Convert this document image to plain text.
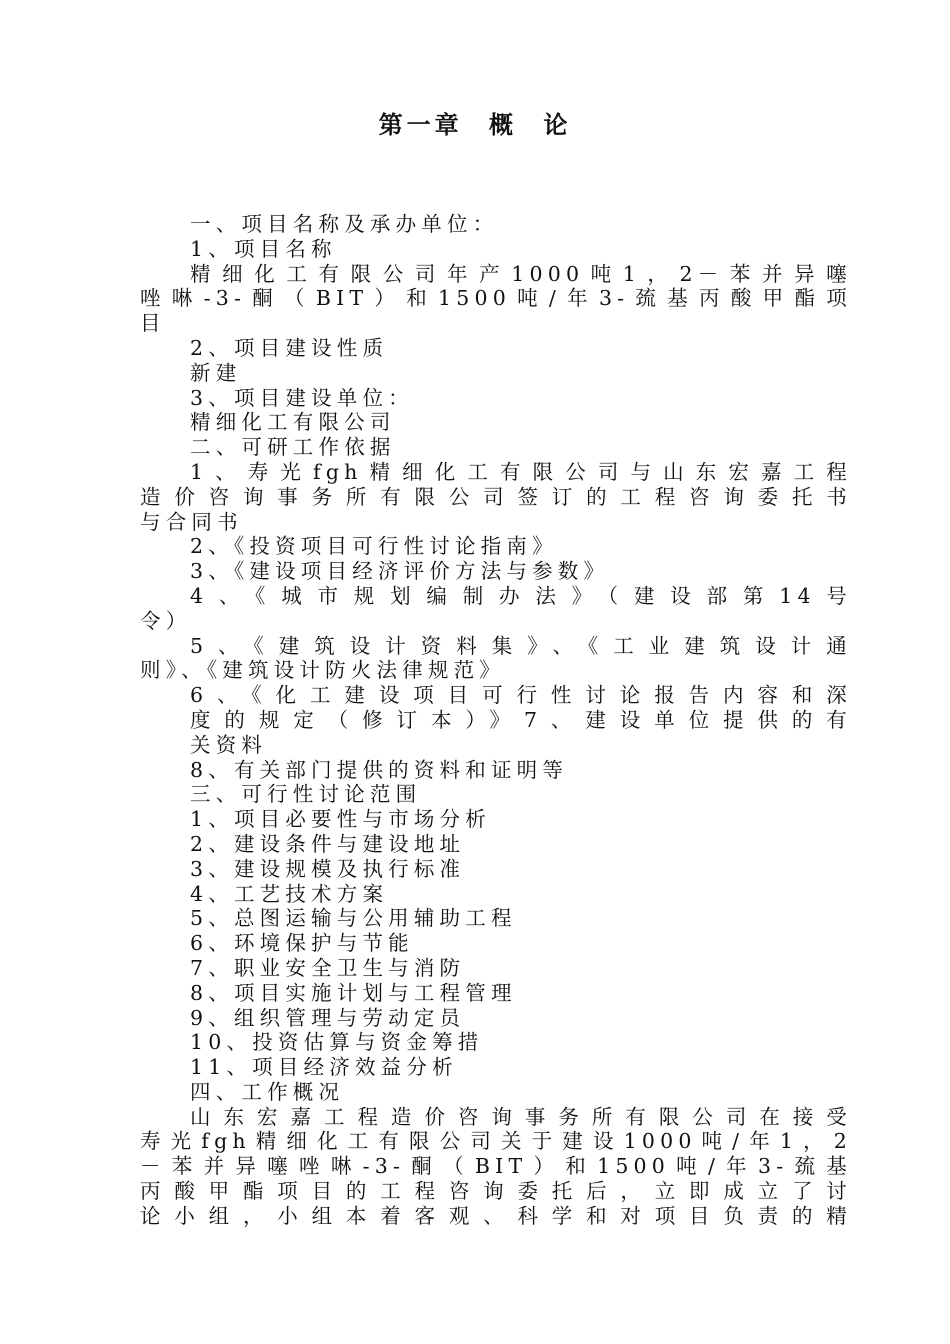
第一章 概 论
一、项目名称及承办单位：
1、项目名称
精细化工有限公司年产1000吨1，2－苯并异噻
唑啉-3-酮（BIT）和1500吨/年3-巯基丙酸甲酯项
目
2、项目建设性质
新建
3、项目建设单位：
精细化工有限公司
二、可研工作依据
1、寿光fgh精细化工有限公司与山东宏嘉工程
造价咨询事务所有限公司签订的工程咨询委托书
与合同书
2、《投资项目可行性讨论指南》
3、《建设项目经济评价方法与参数》
4、《城市规划编制办法》（建设部第14号
令）
5、《建筑设计资料集》、《工业建筑设计通
则》、《建筑设计防火法律规范》
6、《化工建设项目可行性讨论报告内容和深
度的规定（修订本）》7、建设单位提供的有
关资料
8、有关部门提供的资料和证明等
三、可行性讨论范围
1、项目必要性与市场分析
2、建设条件与建设地址
3、建设规模及执行标准
4、工艺技术方案
5、总图运输与公用辅助工程
6、环境保护与节能
7、职业安全卫生与消防
8、项目实施计划与工程管理
9、组织管理与劳动定员
10、投资估算与资金筹措
11、项目经济效益分析
四、工作概况
山东宏嘉工程造价咨询事务所有限公司在接受
寿光fgh精细化工有限公司关于建设1000吨/年1，2
－苯并异噻唑啉-3-酮（BIT）和1500吨/年3-巯基
丙酸甲酯项目的工程咨询委托后，立即成立了讨
论小组，小组本着客观、科学和对项目负责的精
